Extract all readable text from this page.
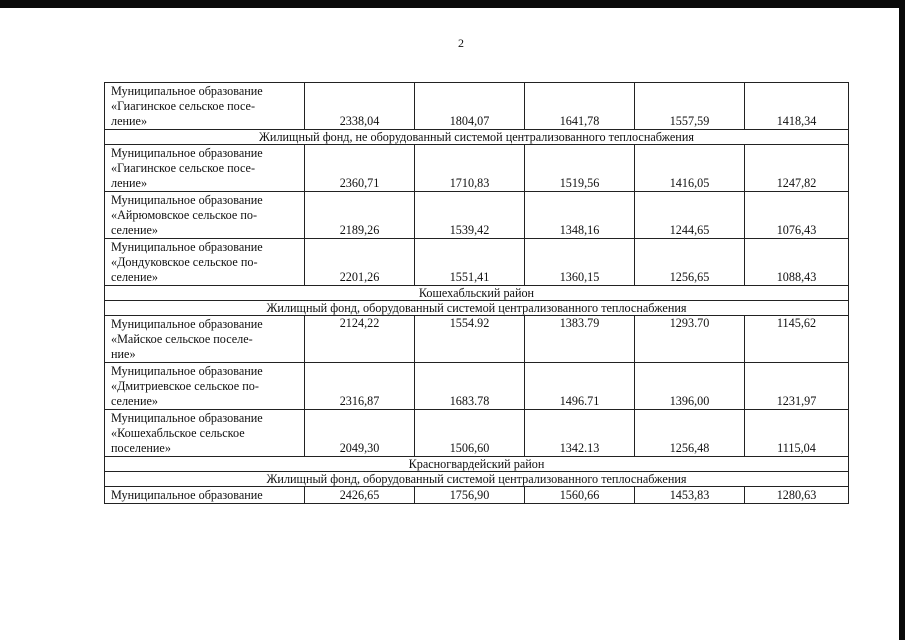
2
Муниципальное образование
«Гиагинское сельское посе-
ление»	2338,04	1804,07	1641,78	1557,59	1418,34
Жилищный фонд, не оборудованный системой централизованного теплоснабжения					

Муниципальное образование
«Гиагинское сельское посе-
ление»	2360,71	1710,83	1519,56	1416,05	1247,82

Муниципальное образование
«Айрюмовское сельское по-
селение»	2189,26	1539,42	1348,16	1244,65	1076,43

Муниципальное образование
«Дондуковское сельское по-
селение»	2201,26	1551,41	1360,15	1256,65	1088,43
Кошехабльский район					
Жилищный фонд, оборудованный системой централизованного теплоснабжения					

Муниципальное образование
«Майское сельское поселе-
ние»	2124,22	1554.92	1383.79	1293.70	1145,62

Муниципальное образование
«Дмитриевское сельское по-
селение»	2316,87	1683.78	1496.71	1396,00	1231,97

Муниципальное образование
«Кошехабльское сельское
поселение»	2049,30	1506,60	1342.13	1256,48	1115,04
Красногвардейский район					
Жилищный фонд, оборудованный системой централизованного теплоснабжения					

Муниципальное образование	2426,65	1756,90	1560,66	1453,83	1280,63
